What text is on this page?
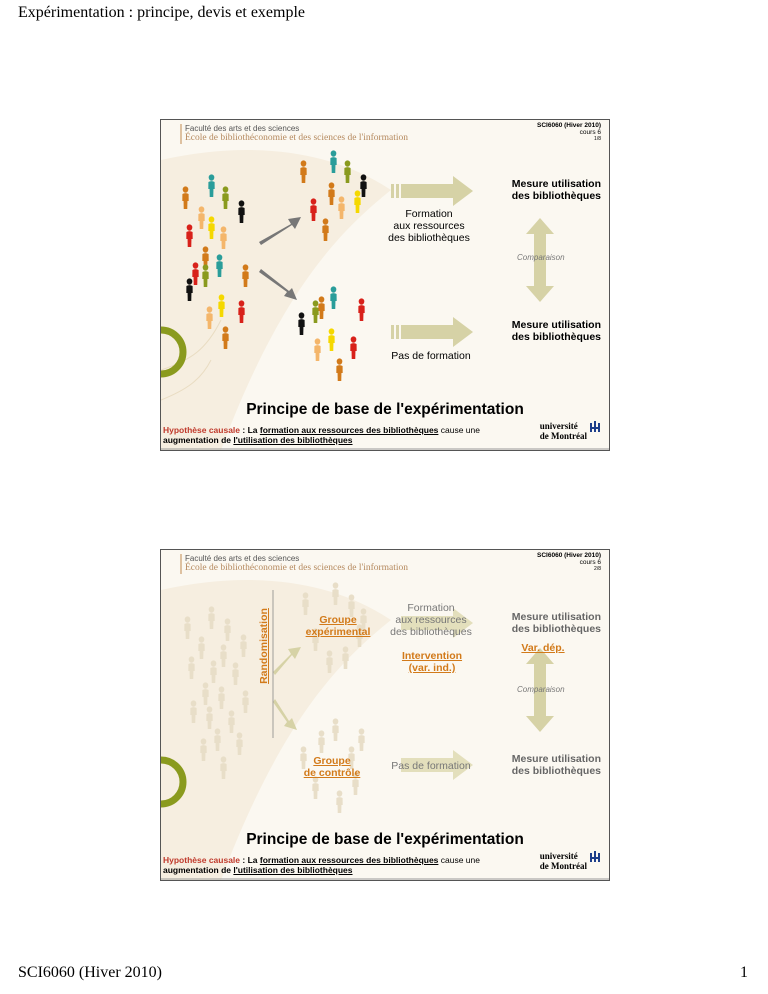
Expérimentation : principe, devis et exemple
Faculté des arts et des sciences
École de bibliothéconomie et des sciences de l'information
SCI6060 (Hiver 2010)
cours 6
1/8
Formation
aux ressources
des bibliothèques
Mesure utilisation
des bibliothèques
Comparaison
Mesure utilisation
des bibliothèques
Pas de formation
Principe de base de l'expérimentation
Hypothèse causale : La formation aux ressources des bibliothèques cause une
augmentation de l'utilisation des bibliothèques
université
de Montréal
Faculté des arts et des sciences
École de bibliothéconomie et des sciences de l'information
SCI6060 (Hiver 2010)
cours 6
2/8
Randomisation	Groupe
expérimental
Formation
aux ressources
des bibliothèques
Intervention
(var. ind.)
Mesure utilisation
des bibliothèques
Var. dép.
Comparaison
Groupe
de contrôle
Pas de formation
Mesure utilisation
des bibliothèques
Principe de base de l'expérimentation
Hypothèse causale : La formation aux ressources des bibliothèques cause une
augmentation de l'utilisation des bibliothèques
université
de Montréal
SCI6060 (Hiver 2010)	1
